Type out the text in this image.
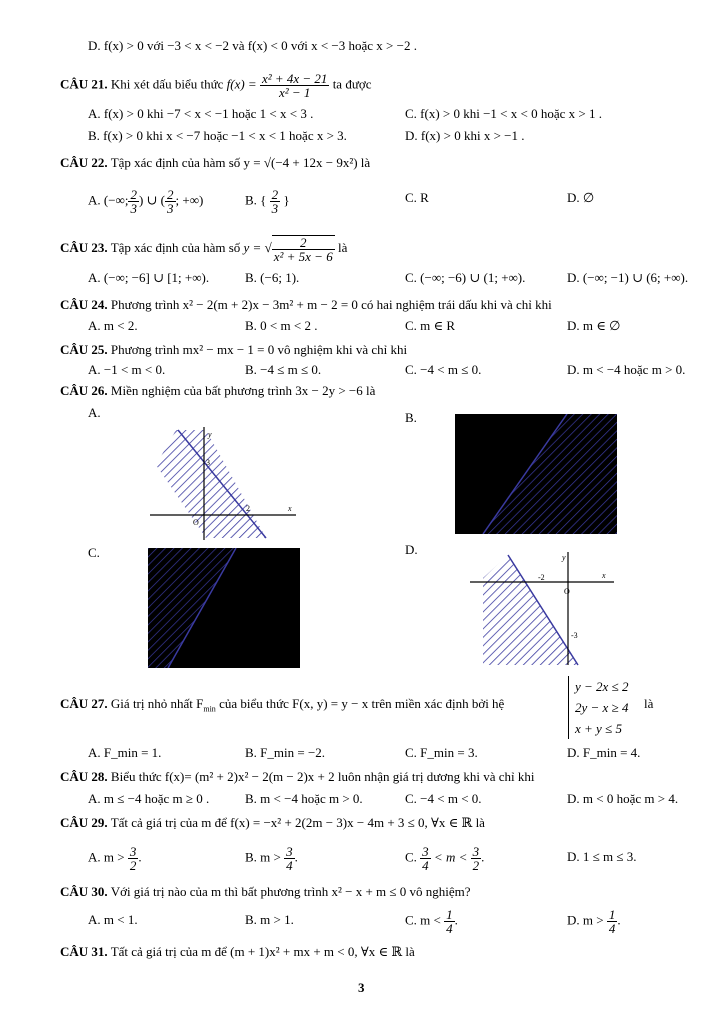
D. f(x) > 0 với −3 < x < −2 và f(x) < 0 với x < −3 hoặc x > −2 .
CÂU 21. Khi xét dấu biểu thức $f(x) = \frac{\text{x² + 4x − 21}}{\text{x² − 1}}$ ta được
A. f(x) > 0 khi −7 < x < −1 hoặc 1 < x < 3 .	C. f(x) > 0 khi −1 < x < 0 hoặc x > 1 .
B. f(x) > 0 khi x < −7 hoặc −1 < x < 1 hoặc x > 3.	D. f(x) > 0 khi x > −1 .
CÂU 22. Tập xác định của hàm số y = √(−4 + 12x − 9x²) là
A. (−∞; $\frac{2}{3}$ ) ∪ ( $\frac{2}{3}$ ; +∞)	B. { $\frac{2}{3}$ }	C. R	D. ∅
CÂU 23. Tập xác định của hàm số y = √ $\frac{2}{\text{x² + 5x − 6}}$ là
A. (−∞; −6] ∪ [1; +∞).	B. (−6; 1).	C. (−∞; −6) ∪ (1; +∞).	D. (−∞; −1) ∪ (6; +∞).
CÂU 24. Phương trình x² − 2(m + 2)x − 3m² + m − 2 = 0 có hai nghiệm trái dấu khi và chỉ khi
A. m < 2.	B. 0 < m < 2 .	C. m ∈ R	D. m ∈ ∅
CÂU 25. Phương trình mx² − mx − 1 = 0 vô nghiệm khi và chỉ khi
A. −1 < m < 0.	B. −4 ≤ m ≤ 0.	C. −4 < m ≤ 0.	D. m < −4 hoặc m > 0.
CÂU 26. Miền nghiệm của bất phương trình 3x − 2y > −6 là
A.	B.
C.	D.
y
x
O
3
2
y
x
O
-2
-3
CÂU 27. Giá trị nhỏ nhất $F_{min}$ của biểu thức F(x, y) = y − x trên miền xác định bởi hệ
y − 2x ≤ 2
2y − x ≥ 4
x + y ≤ 5
là
A. F_min = 1.	B. F_min = −2.	C. F_min = 3.	D. F_min = 4.
CÂU 28. Biểu thức f(x)= (m² + 2)x² − 2(m − 2)x + 2 luôn nhận giá trị dương khi và chỉ khi
A. m ≤ −4 hoặc m ≥ 0 .	B. m < −4 hoặc m > 0.	C. −4 < m < 0.	D. m < 0 hoặc m > 4.
CÂU 29. Tất cả giá trị của m để f(x) = −x² + 2(2m − 3)x − 4m + 3 ≤ 0, ∀x ∈ ℝ là
A. $m > \frac{3}{2}$ .	B. $m > \frac{3}{4}$ .	C. $\frac{3}{4} < m < \frac{3}{2}$ .	D. 1 ≤ m ≤ 3.
CÂU 30. Với giá trị nào của m thì bất phương trình x² − x + m ≤ 0 vô nghiệm?
A. m < 1.	B. m > 1.	C. $m < \frac{1}{4}$ .	D. $m > \frac{1}{4}$ .
CÂU 31. Tất cả giá trị của m để (m + 1)x² + mx + m < 0, ∀x ∈ ℝ là
3
